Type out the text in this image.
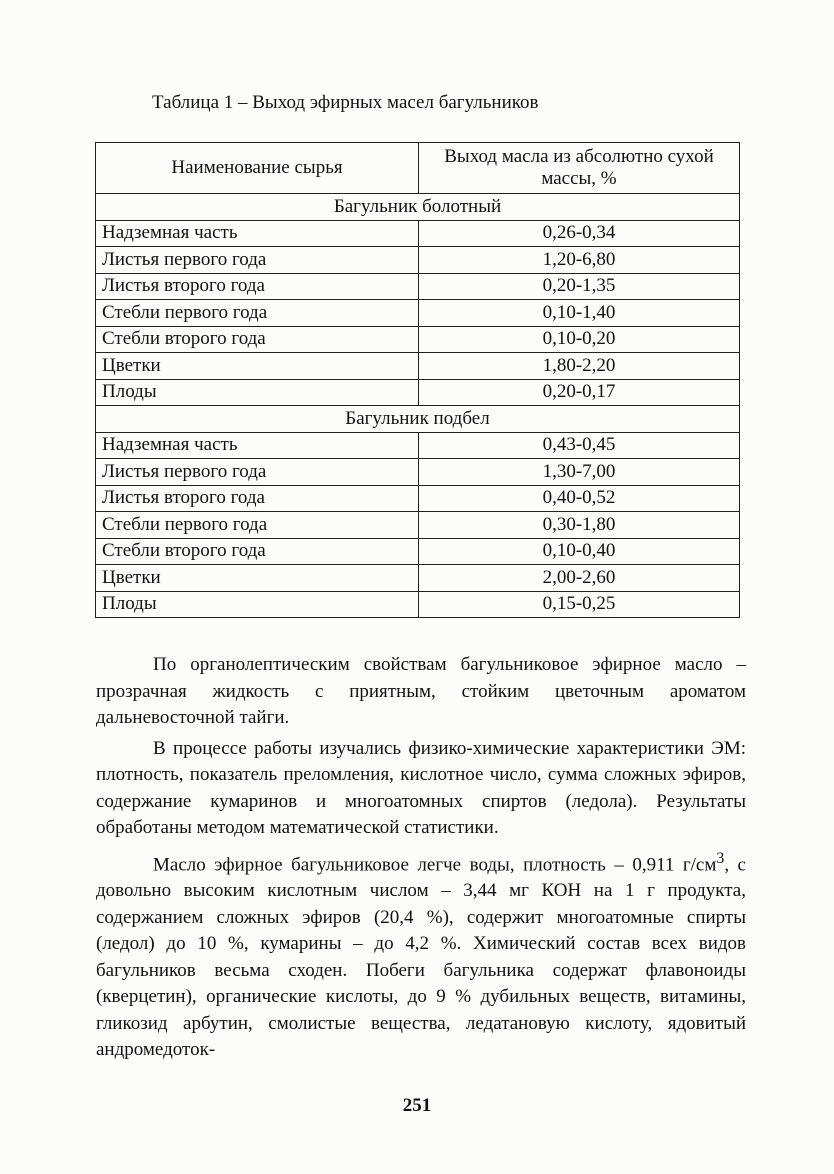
Таблица 1 – Выход эфирных масел багульников
Наименование сырья	Выход масла из абсолютно сухой массы, %
Багульник болотный	
Надземная часть	0,26-0,34
Листья первого года	1,20-6,80
Листья второго года	0,20-1,35
Стебли первого года	0,10-1,40
Стебли второго года	0,10-0,20
Цветки	1,80-2,20
Плоды	0,20-0,17
Багульник подбел	
Надземная часть	0,43-0,45
Листья первого года	1,30-7,00
Листья второго года	0,40-0,52
Стебли первого года	0,30-1,80
Стебли второго года	0,10-0,40
Цветки	2,00-2,60
Плоды	0,15-0,25

По органолептическим свойствам багульниковое эфирное масло – прозрачная жидкость с приятным, стойким цветочным ароматом дальневосточной тайги.

В процессе работы изучались физико-химические характеристики ЭМ: плотность, показатель преломления, кислотное число, сумма сложных эфиров, содержание кумаринов и многоатомных спиртов (ледола). Результаты обработаны методом математической статистики.

Масло эфирное багульниковое легче воды, плотность – 0,911 $г/см^3$, с довольно высоким кислотным числом – 3,44 мг КОН на 1 г продукта, содержанием сложных эфиров (20,4 %), содержит многоатомные спирты (ледол) до 10 %, кумарины – до 4,2 %. Химический состав всех видов багульников весьма сходен. Побеги багульника содержат флавоноиды (кверцетин), органические кислоты, до 9 % дубильных веществ, витамины, гликозид арбутин, смолистые вещества, ледатановую кислоту, ядовитый андромедоток-

251
